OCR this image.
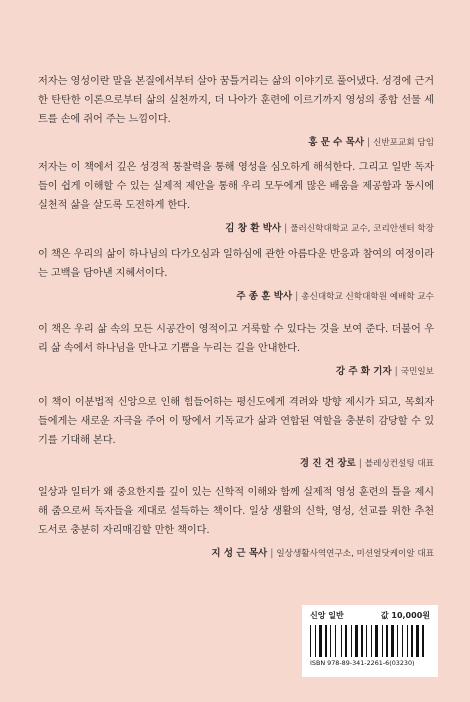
저자는 영성이란 말을 본질에서부터 살아 꿈틀거리는 삶의 이야기로 풀어냈다. 성경에 근거한 탄탄한 이론으로부터 삶의 실천까지, 더 나아가 훈련에 이르기까지 영성의 종합 선물 세트를 손에 쥐어 주는 느낌이다.

홍 문 수 목사 | 신반포교회 담임

저자는 이 책에서 깊은 성경적 통찰력을 통해 영성을 심오하게 해석한다. 그리고 일반 독자들이 쉽게 이해할 수 있는 실제적 제안을 통해 우리 모두에게 많은 배움을 제공함과 동시에 실천적 삶을 살도록 도전하게 한다.

김 창 환 박사 | 풀러신학대학교 교수, 코리안센터 학장

이 책은 우리의 삶이 하나님의 다가오심과 일하심에 관한 아름다운 반응과 참여의 여정이라는 고백을 담아낸 지혜서이다.

주 종 훈 박사 | 총신대학교 신학대학원 예배학 교수

이 책은 우리 삶 속의 모든 시공간이 영적이고 거룩할 수 있다는 것을 보여 준다. 더불어 우리 삶 속에서 하나님을 만나고 기쁨을 누리는 길을 안내한다.

강 주 화 기자 | 국민일보

이 책이 이분법적 신앙으로 인해 힘들어하는 평신도에게 격려와 방향 제시가 되고, 목회자들에게는 새로운 자극을 주어 이 땅에서 기독교가 삶과 연합된 역할을 충분히 감당할 수 있기를 기대해 본다.

경 진 건 장로 | 블레싱컨설팅 대표

일상과 일터가 왜 중요한지를 깊이 있는 신학적 이해와 함께 실제적 영성 훈련의 틀을 제시해 줌으로써 독자들을 제대로 설득하는 책이다. 일상 생활의 신학, 영성, 선교를 위한 추천 도서로 충분히 자리매김할 만한 책이다.

지 성 근 목사 | 일상생활사역연구소, 미션얼닷케이알 대표
신앙 일반	값 10,000원
ISBN 978-89-341-2261-6(03230)
